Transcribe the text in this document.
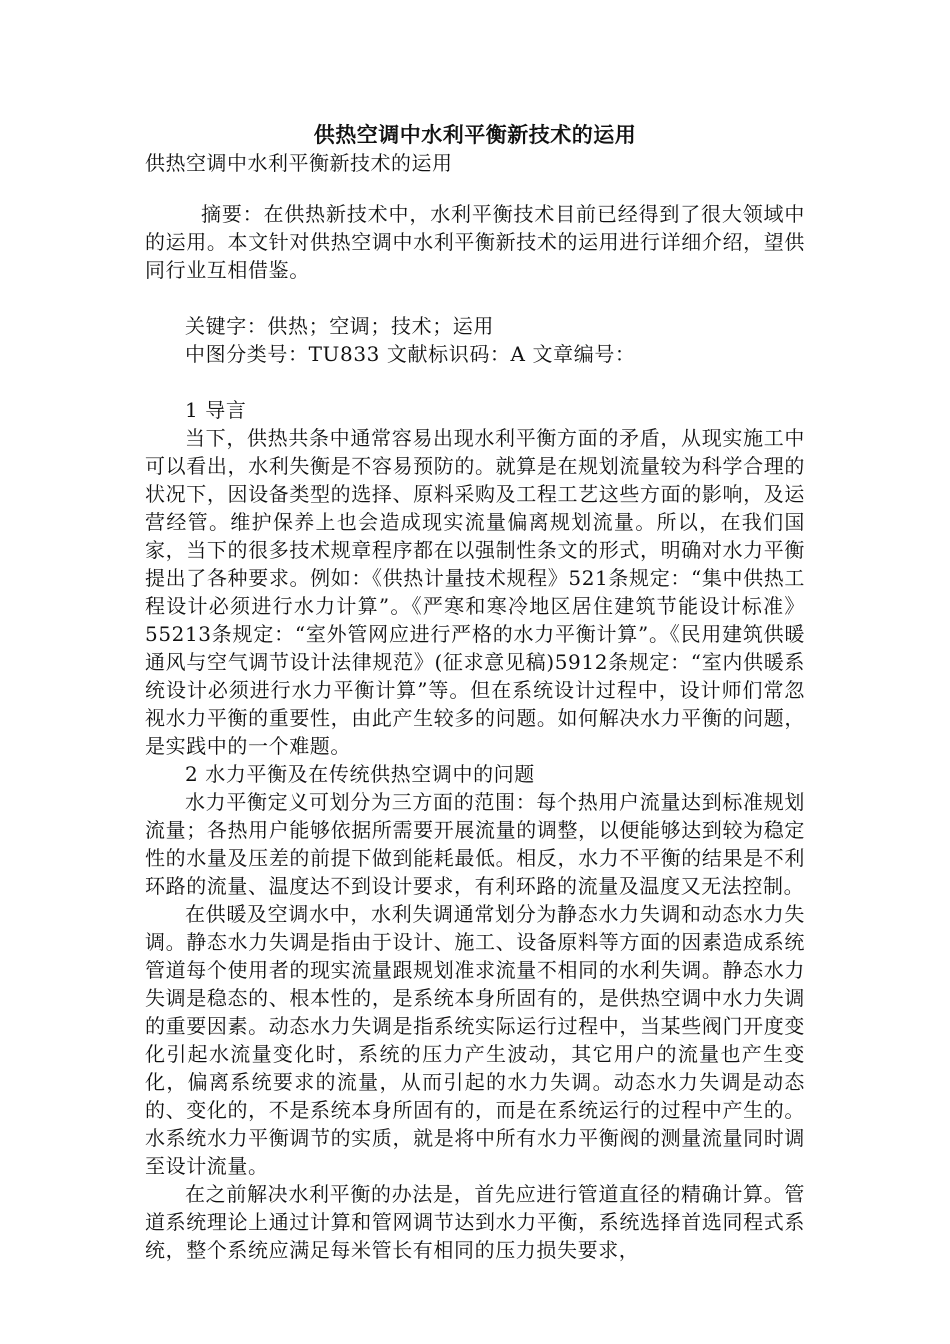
供热空调中水利平衡新技术的运用
供热空调中水利平衡新技术的运用

摘要：在供热新技术中，水利平衡技术目前已经得到了很大领域中的运用。本文针对供热空调中水利平衡新技术的运用进行详细介绍，望供同行业互相借鉴。

关键字：供热；空调；技术；运用

中图分类号：TU833 文献标识码：A 文章编号：

1 导言

当下，供热共条中通常容易出现水利平衡方面的矛盾，从现实施工中可以看出，水利失衡是不容易预防的。就算是在规划流量较为科学合理的状况下，因设备类型的选择、原料采购及工程工艺这些方面的影响，及运营经管。维护保养上也会造成现实流量偏离规划流量。所以，在我们国家，当下的很多技术规章程序都在以强制性条文的形式，明确对水力平衡提出了各种要求。例如：《供热计量技术规程》521条规定：“集中供热工程设计必须进行水力计算”。《严寒和寒冷地区居住建筑节能设计标准》55213条规定：“室外管网应进行严格的水力平衡计算”。《民用建筑供暖通风与空气调节设计法律规范》(征求意见稿)5912条规定：“室内供暖系统设计必须进行水力平衡计算”等。但在系统设计过程中，设计师们常忽视水力平衡的重要性，由此产生较多的问题。如何解决水力平衡的问题，是实践中的一个难题。

2 水力平衡及在传统供热空调中的问题

水力平衡定义可划分为三方面的范围：每个热用户流量达到标准规划流量；各热用户能够依据所需要开展流量的调整，以便能够达到较为稳定性的水量及压差的前提下做到能耗最低。相反，水力不平衡的结果是不利环路的流量、温度达不到设计要求，有利环路的流量及温度又无法控制。

在供暖及空调水中，水利失调通常划分为静态水力失调和动态水力失调。静态水力失调是指由于设计、施工、设备原料等方面的因素造成系统管道每个使用者的现实流量跟规划准求流量不相同的水利失调。静态水力失调是稳态的、根本性的，是系统本身所固有的，是供热空调中水力失调的重要因素。动态水力失调是指系统实际运行过程中，当某些阀门开度变化引起水流量变化时，系统的压力产生波动，其它用户的流量也产生变化，偏离系统要求的流量，从而引起的水力失调。动态水力失调是动态的、变化的，不是系统本身所固有的，而是在系统运行的过程中产生的。水系统水力平衡调节的实质，就是将中所有水力平衡阀的测量流量同时调至设计流量。

在之前解决水利平衡的办法是，首先应进行管道直径的精确计算。管道系统理论上通过计算和管网调节达到水力平衡，系统选择首选同程式系统，整个系统应满足每米管长有相同的压力损失要求，
